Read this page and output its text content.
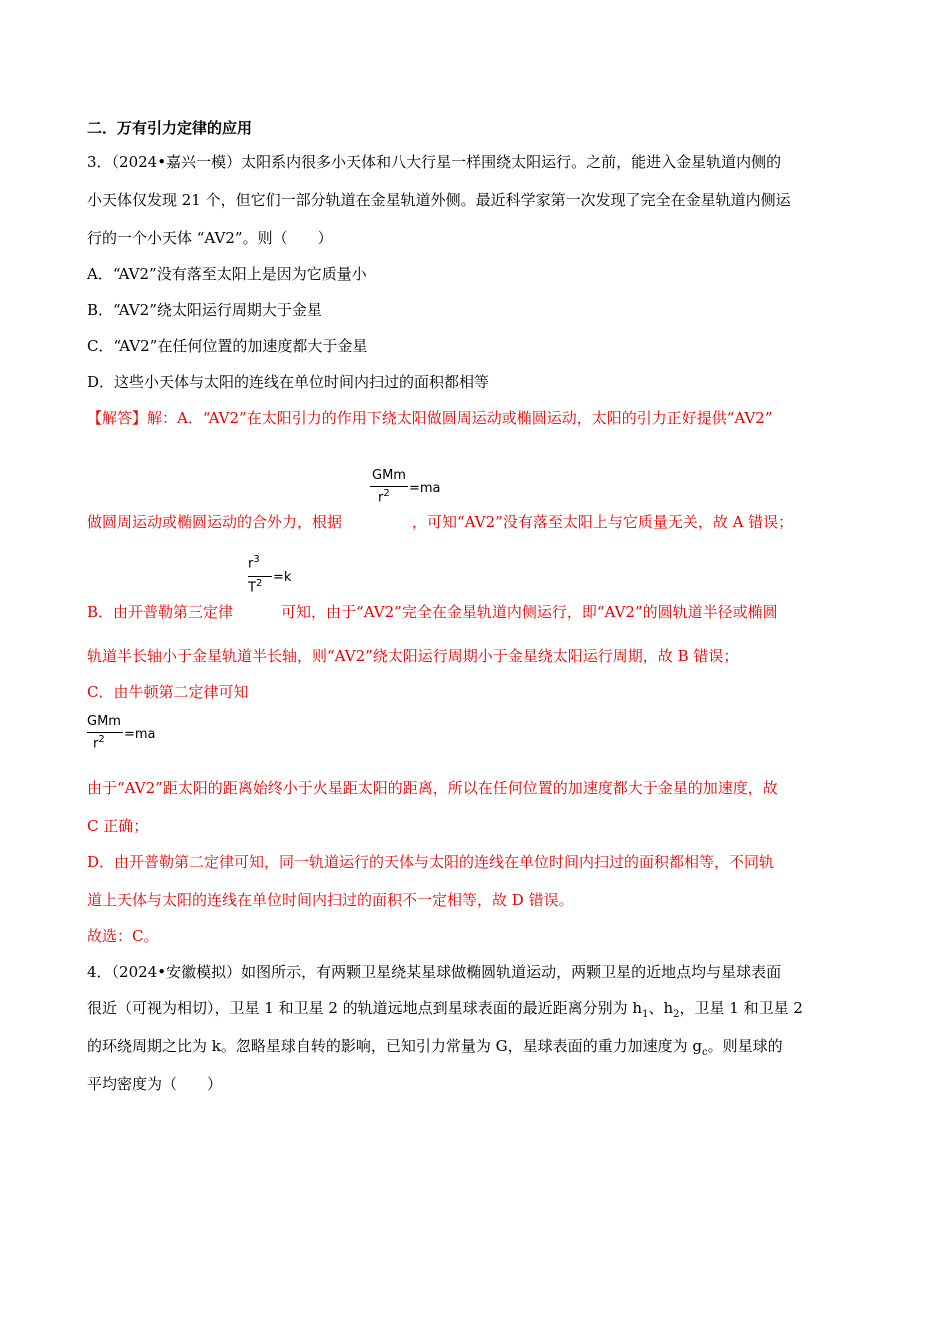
二．万有引力定律的应用
3．（2024•嘉兴一模）太阳系内很多小天体和八大行星一样围绕太阳运行。之前，能进入金星轨道内侧的
小天体仅发现 21 个，但它们一部分轨道在金星轨道外侧。最近科学家第一次发现了完全在金星轨道内侧运
行的一个小天体 “AV2”。则（　　）
A．“AV2”没有落至太阳上是因为它质量小
B．“AV2”绕太阳运行周期大于金星
C．“AV2”在任何位置的加速度都大于金星
D．这些小天体与太阳的连线在单位时间内扫过的面积都相等
【解答】解：A．“AV2”在太阳引力的作用下绕太阳做圆周运动或椭圆运动，太阳的引力正好提供“AV2”
GMm
$r^2 =ma$
做圆周运动或椭圆运动的合外力，根据	，可知“AV2”没有落至太阳上与它质量无关，故 A 错误；
$r^3$
$T^2 =k$
B．由开普勒第三定律	可知，由于“AV2”完全在金星轨道内侧运行，即“AV2”的圆轨道半径或椭圆
轨道半长轴小于金星轨道半长轴，则“AV2”绕太阳运行周期小于金星绕太阳运行周期，故 B 错误；
C．由牛顿第二定律可知
GMm
$r^2 =ma$
由于“AV2”距太阳的距离始终小于火星距太阳的距离，所以在任何位置的加速度都大于金星的加速度，故
C 正确；
D．由开普勒第二定律可知，同一轨道运行的天体与太阳的连线在单位时间内扫过的面积都相等，不同轨
道上天体与太阳的连线在单位时间内扫过的面积不一定相等，故 D 错误。
故选：C。
4．（2024•安徽模拟）如图所示，有两颗卫星绕某星球做椭圆轨道运动，两颗卫星的近地点均与星球表面
很近（可视为相切），卫星 1 和卫星 2 的轨道远地点到星球表面的最近距离分别为 $h_1$、$h_2$，卫星 1 和卫星 2
的环绕周期之比为 k。忽略星球自转的影响，已知引力常量为 G，星球表面的重力加速度为 $g_c$。则星球的
平均密度为（　　）
